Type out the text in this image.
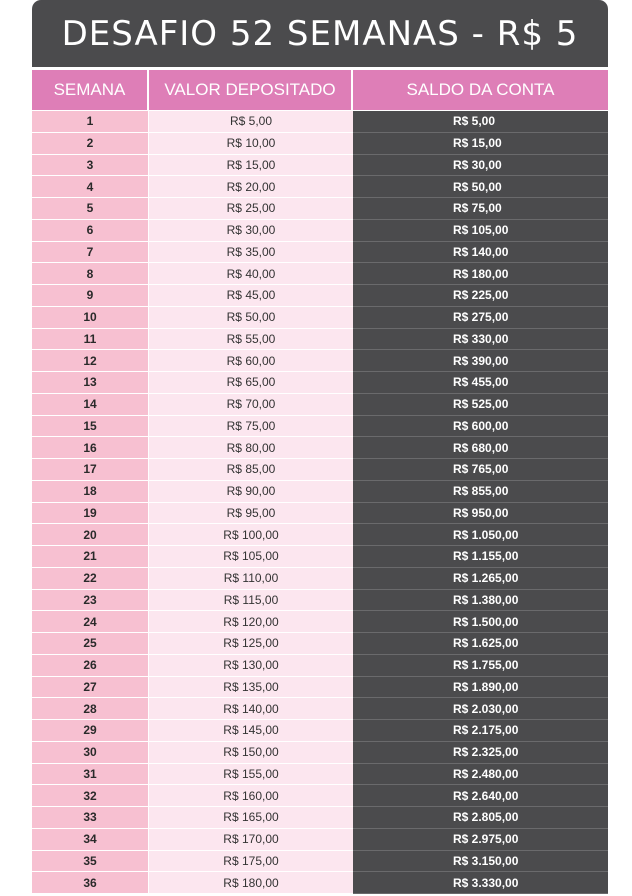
DESAFIO 52 SEMANAS - R$ 5
SEMANA	VALOR DEPOSITADO	SALDO DA CONTA
1	R$ 5,00	R$ 5,00
2	R$ 10,00	R$ 15,00
3	R$ 15,00	R$ 30,00
4	R$ 20,00	R$ 50,00
5	R$ 25,00	R$ 75,00
6	R$ 30,00	R$ 105,00
7	R$ 35,00	R$ 140,00
8	R$ 40,00	R$ 180,00
9	R$ 45,00	R$ 225,00
10	R$ 50,00	R$ 275,00
11	R$ 55,00	R$ 330,00
12	R$ 60,00	R$ 390,00
13	R$ 65,00	R$ 455,00
14	R$ 70,00	R$ 525,00
15	R$ 75,00	R$ 600,00
16	R$ 80,00	R$ 680,00
17	R$ 85,00	R$ 765,00
18	R$ 90,00	R$ 855,00
19	R$ 95,00	R$ 950,00
20	R$ 100,00	R$ 1.050,00
21	R$ 105,00	R$ 1.155,00
22	R$ 110,00	R$ 1.265,00
23	R$ 115,00	R$ 1.380,00
24	R$ 120,00	R$ 1.500,00
25	R$ 125,00	R$ 1.625,00
26	R$ 130,00	R$ 1.755,00
27	R$ 135,00	R$ 1.890,00
28	R$ 140,00	R$ 2.030,00
29	R$ 145,00	R$ 2.175,00
30	R$ 150,00	R$ 2.325,00
31	R$ 155,00	R$ 2.480,00
32	R$ 160,00	R$ 2.640,00
33	R$ 165,00	R$ 2.805,00
34	R$ 170,00	R$ 2.975,00
35	R$ 175,00	R$ 3.150,00
36	R$ 180,00	R$ 3.330,00
